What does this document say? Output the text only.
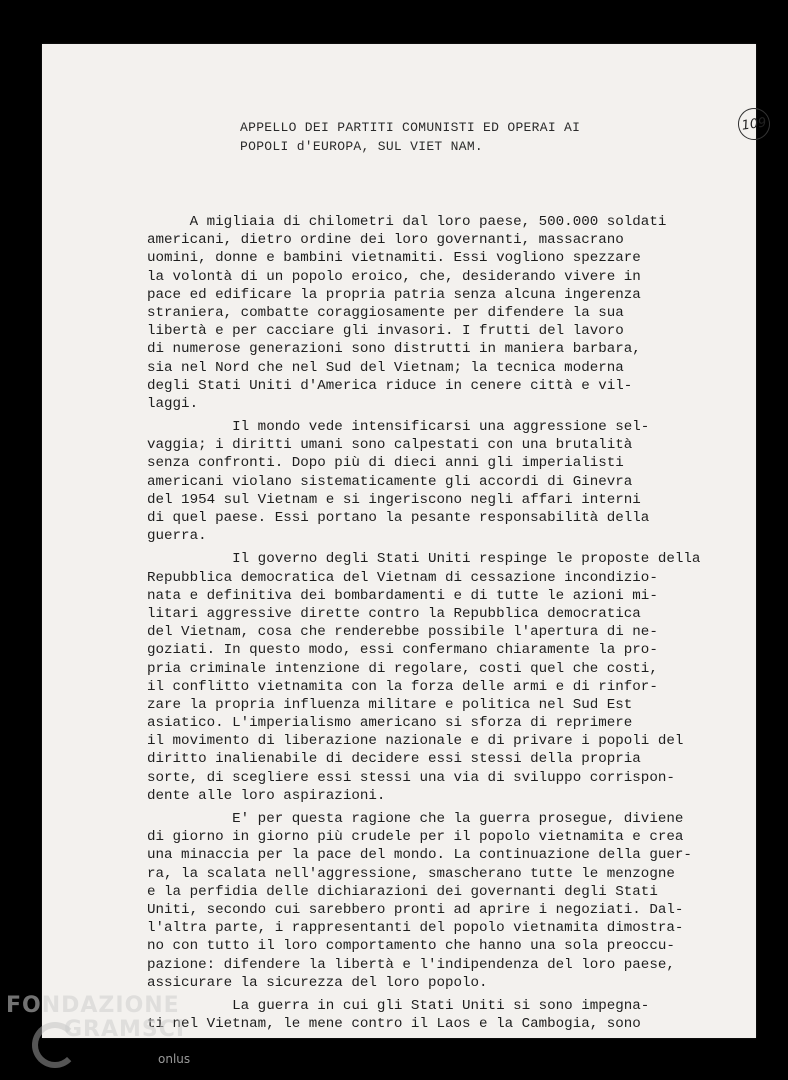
109
APPELLO DEI PARTITI COMUNISTI ED OPERAI AI
POPOLI d'EUROPA, SUL VIET NAM.
A migliaia di chilometri dal loro paese, 500.000 soldati
americani, dietro ordine dei loro governanti, massacrano
uomini, donne e bambini vietnamiti. Essi vogliono spezzare
la volontà di un popolo eroico, che, desiderando vivere in
pace ed edificare la propria patria senza alcuna ingerenza
straniera, combatte coraggiosamente per difendere la sua
libertà e per cacciare gli invasori. I frutti del lavoro
di numerose generazioni sono distrutti in maniera barbara,
sia nel Nord che nel Sud del Vietnam; la tecnica moderna
degli Stati Uniti d'America riduce in cenere città e vil-
laggi.
Il mondo vede intensificarsi una aggressione sel-
vaggia; i diritti umani sono calpestati con una brutalità
senza confronti. Dopo più di dieci anni gli imperialisti
americani violano sistematicamente gli accordi di Ginevra
del 1954 sul Vietnam e si ingeriscono negli affari interni
di quel paese. Essi portano la pesante responsabilità della
guerra.
Il governo degli Stati Uniti respinge le proposte della
Repubblica democratica del Vietnam di cessazione incondizio-
nata e definitiva dei bombardamenti e di tutte le azioni mi-
litari aggressive dirette contro la Repubblica democratica
del Vietnam, cosa che renderebbe possibile l'apertura di ne-
goziati. In questo modo, essi confermano chiaramente la pro-
pria criminale intenzione di regolare, costi quel che costi,
il conflitto vietnamita con la forza delle armi e di rinfor-
zare la propria influenza militare e politica nel Sud Est
asiatico. L'imperialismo americano si sforza di reprimere
il movimento di liberazione nazionale e di privare i popoli del
diritto inalienabile di decidere essi stessi della propria
sorte, di scegliere essi stessi una via di sviluppo corrispon-
dente alle loro aspirazioni.
E' per questa ragione che la guerra prosegue, diviene
di giorno in giorno più crudele per il popolo vietnamita e crea
una minaccia per la pace del mondo. La continuazione della guer-
ra, la scalata nell'aggressione, smascherano tutte le menzogne
e la perfidia delle dichiarazioni dei governanti degli Stati
Uniti, secondo cui sarebbero pronti ad aprire i negoziati. Dal-
l'altra parte, i rappresentanti del popolo vietnamita dimostra-
no con tutto il loro comportamento che hanno una sola preoccu-
pazione: difendere la libertà e l'indipendenza del loro paese,
assicurare la sicurezza del loro popolo.
La guerra in cui gli Stati Uniti si sono impegna-
ti nel Vietnam, le mene contro il Laos e la Cambogia, sono
FONDAZIONE
GRAMSCI
onlus
